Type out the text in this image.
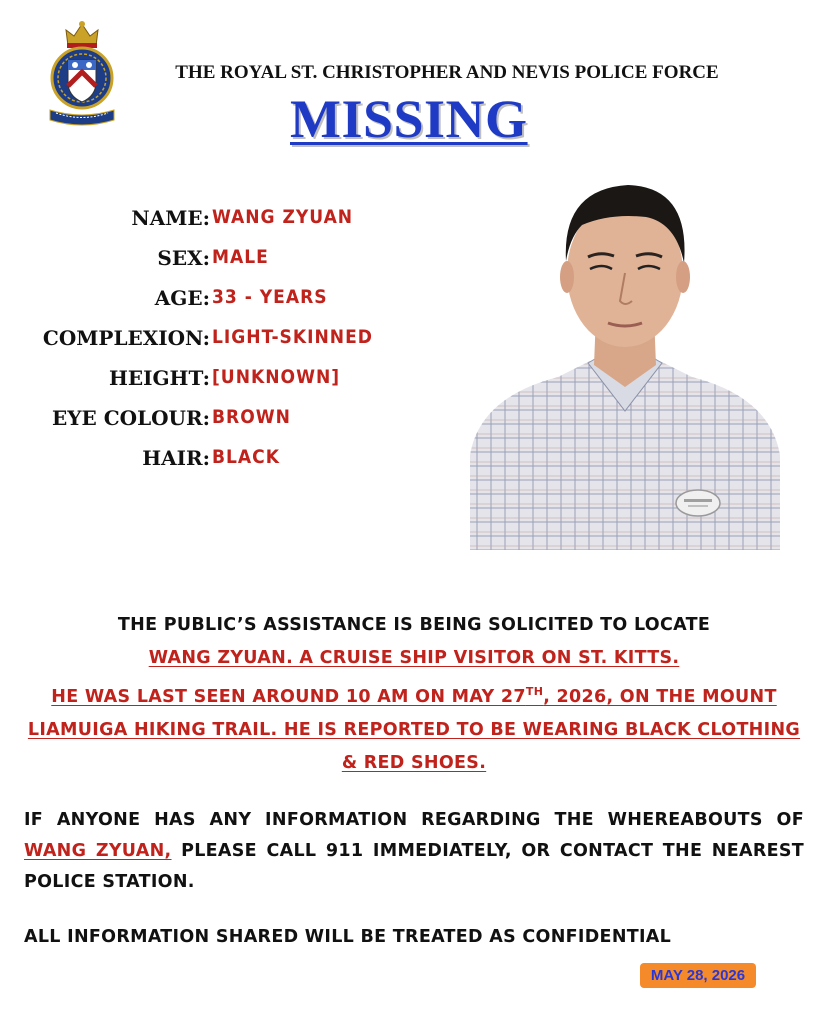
THE ROYAL ST. CHRISTOPHER AND NEVIS POLICE FORCE
MISSING
NAME: WANG ZYUAN
SEX: MALE
AGE: 33 - YEARS
COMPLEXION: LIGHT-SKINNED
HEIGHT: [UNKNOWN]
EYE COLOUR: BROWN
HAIR: BLACK
THE PUBLIC’S ASSISTANCE IS BEING SOLICITED TO LOCATE
WANG ZYUAN. A CRUISE SHIP VISITOR ON ST. KITTS.
HE WAS LAST SEEN AROUND 10 AM ON MAY 27TH, 2026, ON THE MOUNT LIAMUIGA HIKING TRAIL. HE IS REPORTED TO BE WEARING BLACK CLOTHING & RED SHOES.
IF ANYONE HAS ANY INFORMATION REGARDING THE WHEREABOUTS OF WANG ZYUAN, PLEASE CALL 911 IMMEDIATELY, OR CONTACT THE NEAREST POLICE STATION.
ALL INFORMATION SHARED WILL BE TREATED AS CONFIDENTIAL
MAY 28, 2026
